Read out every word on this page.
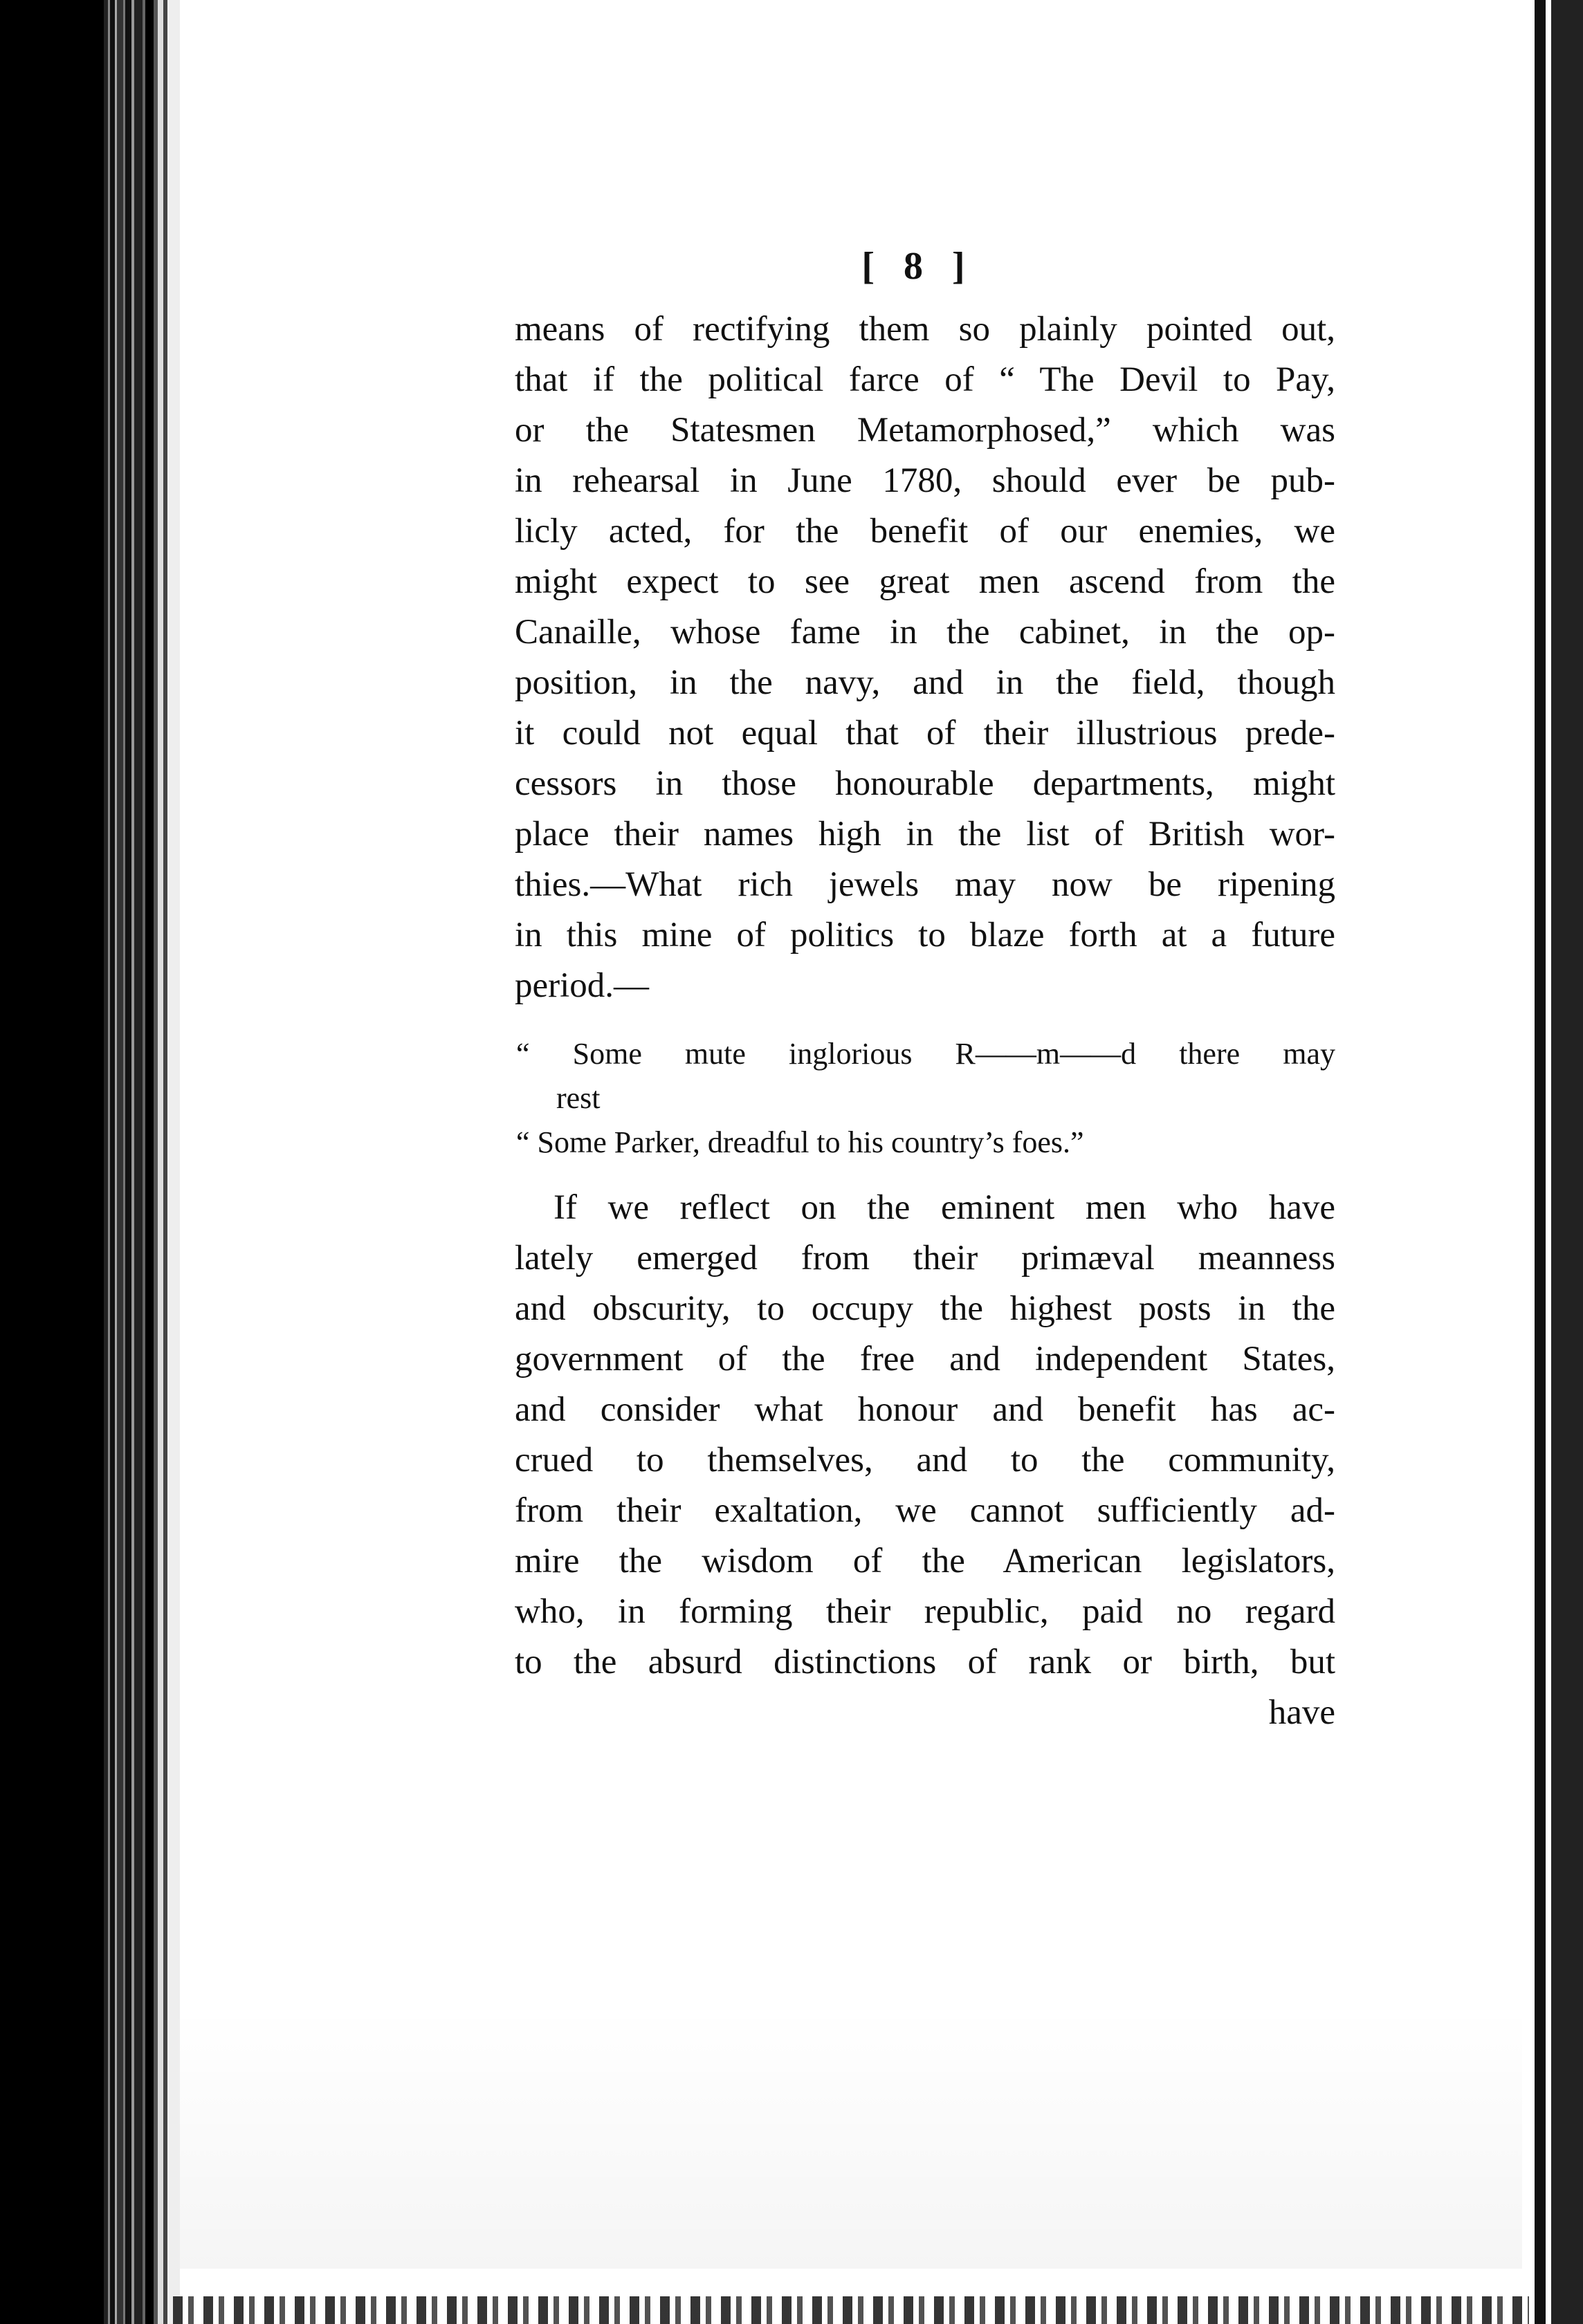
[ 8 ]
means of rectifying them so plainly pointed out,
that if the political farce of “ The Devil to Pay,
or the Statesmen Metamorphosed,” which was
in rehearsal in June 1780, should ever be pub-
licly acted, for the benefit of our enemies, we
might expect to see great men ascend from the
Canaille, whose fame in the cabinet, in the op-
position, in the navy, and in the field, though
it could not equal that of their illustrious prede-
cessors in those honourable departments, might
place their names high in the list of British wor-
thies.—What rich jewels may now be ripening
in this mine of politics to blaze forth at a future
period.—
“ Some mute inglorious R——m——d there may
rest
“ Some Parker, dreadful to his country’s foes.”
If we reflect on the eminent men who have
lately emerged from their primæval meanness
and obscurity, to occupy the highest posts in the
government of the free and independent States,
and consider what honour and benefit has ac-
crued to themselves, and to the community,
from their exaltation, we cannot sufficiently ad-
mire the wisdom of the American legislators,
who, in forming their republic, paid no regard
to the absurd distinctions of rank or birth, but
have
